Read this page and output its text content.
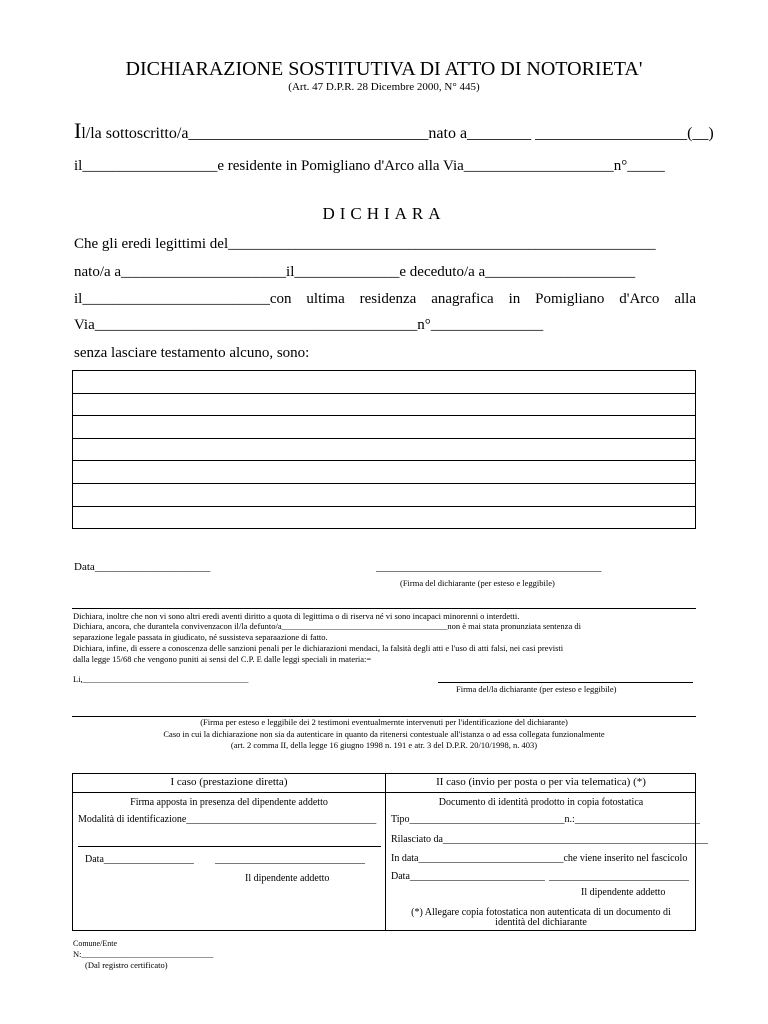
DICHIARAZIONE SOSTITUTIVA DI ATTO DI NOTORIETA'
(Art. 47 D.P.R. 28 Dicembre 2000, N° 445)
Il/la sottoscritto/a______________________________nato a________ ___________________(__)
il__________________e residente in Pomigliano d'Arco alla Via____________________n°_____
DICHIARA
Che gli eredi legittimi del_________________________________________________________
nato/a a______________________il______________e deceduto/a a____________________
il_________________________con ultima residenza anagrafica in Pomigliano d'Arco alla
Via___________________________________________n°_______________
senza lasciare testamento alcuno, sono:

Data_____________________	_________________________________________
(Firma del dichiarante (per esteso e leggibile)
Dichiara, inoltre che non vi sono altri eredi aventi diritto a quota di legittima o di riserva né vi sono incapaci minorenni o interdetti.
Dichiara, ancora, che durantela convivenzacon il/la defunto/a_______________________________________non è mai stata pronunziata sentenza di
separazione legale passata in giudicato, né sussisteva separaazione di fatto.
Dichiara, infine, di essere a conoscenza delle sanzioni penali per le dichiarazioni mendaci, la falsità degli atti e l'uso di atti falsi, nei casi previsti
dalla legge 15/68 che vengono puniti ai sensi del C.P. E dalle leggi speciali in materia:=
Li,_______________________________________
Firma del/la dichiarante (per esteso e leggibile)
(Firma per esteso e leggibile dei 2 testimoni eventualmernte intervenuti per l'identificazione del dichiarante)
Caso in cui la dichiarazione non sia da autenticare in quanto da ritenersi contestuale all'istanza o ad essa collegata funzionalmente
(art. 2 comma II, della legge 16 giugno 1998 n. 191 e atr. 3 del D.P.R. 20/10/1998, n. 403)
I caso (prestazione diretta)
Firma apposta in presenza del dipendente addetto
Modalità di identificazione______________________________________
Data__________________ ______________________________
Il dipendente addetto
II caso (invio per posta o per via telematica) (*)
Documento di identità prodotto in copia fotostatica
Tipo_______________________________n.:_________________________
Rilasciato da_____________________________________________________
In data_____________________________che viene inserito nel fascicolo
Data___________________________ ____________________________
Il dipendente addetto
(*) Allegare copia fotostatica non autenticata di un documento di
identità del dichiarante
Comune/Ente
N:_______________________________
(Dal registro certificato)
